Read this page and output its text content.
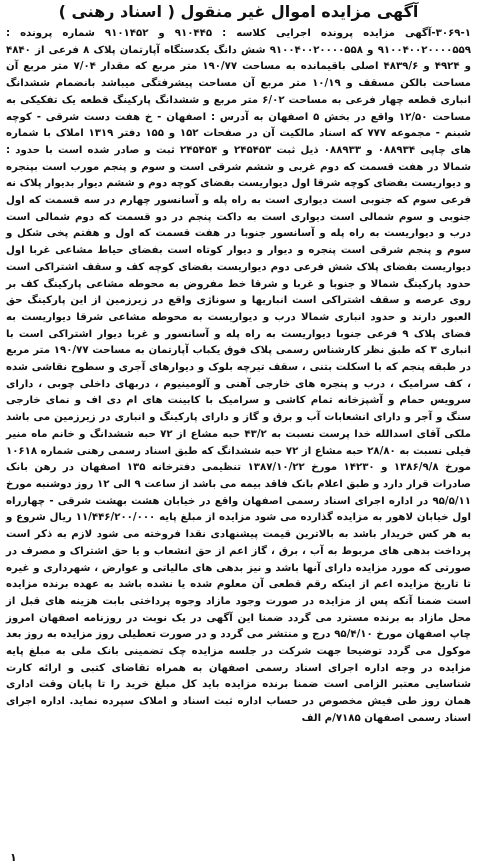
آگهی مزایده اموال غیر منقول ( اسناد رهنی )

۳۰۶۹-۱-آگهی مزایده پرونده اجرایی کلاسه : ۹۱۰۴۴۵ و ۹۱۰۱۴۵۲ شماره پرونده : ۹۱۰۰۴۰۰۲۰۰۰۰۵۵۹ و ۹۱۰۰۴۰۰۲۰۰۰۰۵۵۸ شش دانگ یکدستگاه آپارتمان پلاک ۸ فرعی از ۴۸۴۰ و ۴۹۲۴ و ۴۸۳۹/۶ اصلی باقیمانده به مساحت ۱۹۰/۷۷ متر مربع که مقدار ۷/۰۴ متر مربع آن مساحت بالکن مسقف و ۱۰/۱۹ متر مربع آن مساحت پیشرفتگی میباشد بانضمام ششدانگ انباری قطعه چهار فرعی به مساحت ۶/۰۲ متر مربع و ششدانگ پارکینگ قطعه یک تفکیکی به مساحت ۱۲/۵۰ واقع در بخش ۵ اصفهان به آدرس : اصفهان - خ هفت دست شرقی - کوچه شبنم - مجموعه ۷۷۷ که اسناد مالکیت آن در صفحات ۱۵۲ و ۱۵۵ دفتر ۱۳۱۹ املاک با شماره های چاپی ۰۸۸۹۳۴ و ۰۸۸۹۳۳ ذیل ثبت ۲۴۵۴۵۳ و ۲۴۵۴۵۴ ثبت و صادر شده است با حدود : شمالا در هفت قسمت که دوم غربی و ششم شرقی است و سوم و پنجم مورب است بپنجره و دیواریست بفضای کوچه شرقا اول دیواریست بفضای کوچه دوم و ششم دیوار بدیوار پلاک نه فرعی سوم که جنوبی است دیواری است به راه پله و آسانسور چهارم در سه قسمت که اول جنوبی و سوم شمالی است دیواری است به داکت پنجم در دو قسمت که دوم شمالی است درب و دیواریست به راه پله و آسانسور جنوبا در هفت قسمت که اول و هفتم پخی شکل و سوم و پنجم شرقی است پنجره و دیوار و دیوار کوتاه است بفضای حیاط مشاعی غربا اول دیواریست بفضای پلاک شش فرعی دوم دیواریست بفضای کوچه کف و سقف اشتراکی است حدود پارکینگ شمالا و جنوبا و غربا و شرقا خط مفروض به محوطه مشاعی پارکینگ کف بر روی عرصه و سقف اشتراکی است انباریها و سوناژی واقع در زیرزمین از این پارکینگ حق العبور دارند و حدود انباری شمالا درب و دیواریست به محوطه مشاعی شرقا دیواریست به فضای پلاک ۹ فرعی جنوبا دیواریست به راه پله و آسانسور و غربا دیوار اشتراکی است با انباری ۳ که طبق نظر کارشناس رسمی پلاک فوق یکباب آپارتمان به مساحت ۱۹۰/۷۷ متر مربع در طبقه پنجم که با اسکلت بتنی ، سقف تیرچه بلوک و دیوارهای آجری و سطوح نقاشی شده ، کف سرامیک ، درب و پنجره های خارجی آهنی و آلومینیوم ، دربهای داخلی چوبی ، دارای سرویس حمام و آشپزخانه تمام کاشی و سرامیک با کابینت های ام دی اف و نمای خارجی سنگ و آجر و دارای انشعابات آب و برق و گاز و دارای پارکینگ و انباری در زیرزمین می باشد ملکی آقای اسدالله خدا پرست نسبت به ۴۳/۲ حبه مشاع از ۷۲ حبه ششدانگ و خانم ماه منیر فیلی نسبت به ۲۸/۸۰ حبه مشاع از ۷۲ حبه ششدانگ که طبق اسناد رسمی رهنی شماره ۱۰۶۱۸ مورخ ۱۳۸۶/۹/۸ و ۱۴۲۳۰ مورخ ۱۳۸۷/۱۰/۲۲ تنظیمی دفترخانه ۱۳۵ اصفهان در رهن بانک صادرات قرار دارد و طبق اعلام بانک فاقد بیمه می باشد از ساعت ۹ الی ۱۲ روز دوشنبه مورخ ۹۵/۵/۱۱ در اداره اجرای اسناد رسمی اصفهان واقع در خیابان هشت بهشت شرقی - چهارراه اول خیابان لاهور به مزایده گذارده می شود مزایده از مبلغ پایه ۱۱/۴۴۶/۲۰۰/۰۰۰ ریال شروع و به هر کس خریدار باشد به بالاترین قیمت پیشنهادی نقدا فروخته می شود لازم به ذکر است پرداخت بدهی های مربوط به آب ، برق ، گاز اعم از حق انشعاب و یا حق اشتراک و مصرف در صورتی که مورد مزایده دارای آنها باشد و نیز بدهی های مالیاتی و عوارض ، شهرداری و غیره تا تاریخ مزایده اعم از اینکه رقم قطعی آن معلوم شده یا نشده باشد به عهده برنده مزایده است ضمنا آنکه پس از مزایده در صورت وجود مازاد وجوه پرداختی بابت هزینه های قبل از محل مازاد به برنده مسترد می گردد ضمنا این آگهی در یک نوبت در روزنامه اصفهان امروز چاپ اصفهان مورخ ۹۵/۴/۱۰ درج و منتشر می گردد و در صورت تعطیلی روز مزایده به روز بعد موکول می گردد توضیحا جهت شرکت در جلسه مزایده چک تضمینی بانک ملی به مبلغ پایه مزایده در وجه اداره اجرای اسناد رسمی اصفهان به همراه تقاضای کتبی و ارائه کارت شناسایی معتبر الزامی است ضمنا برنده مزایده باید کل مبلغ خرید را تا پایان وقت اداری همان روز طی فیش مخصوص در حساب اداره ثبت اسناد و املاک سپرده نماید. اداره اجرای اسناد رسمی اصفهان ۷۱۸۵/م الف

۱
